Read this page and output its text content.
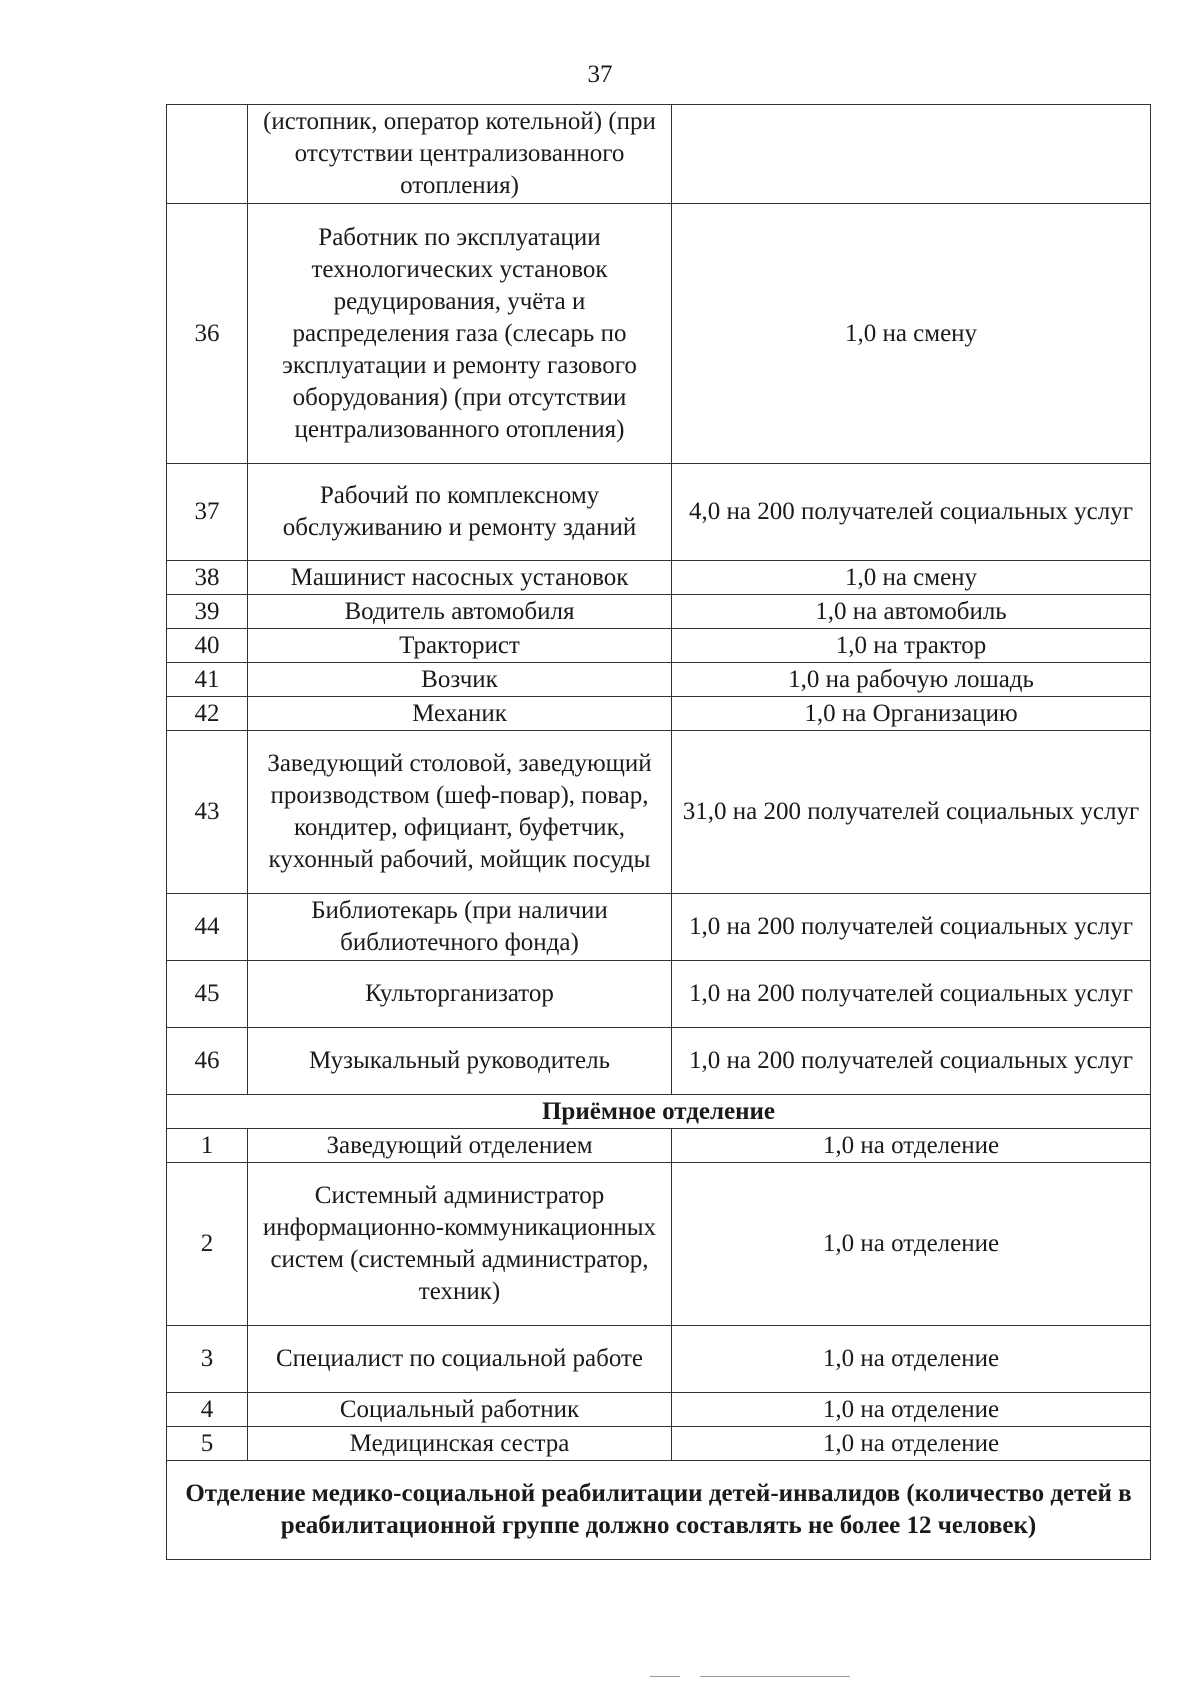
37
	(истопник, оператор котельной) (при отсутствии централизованного отопления)	
36	Работник по эксплуатации технологических установок редуцирования, учёта и распределения газа (слесарь по эксплуатации и ремонту газового оборудования) (при отсутствии централизованного отопления)	1,0 на смену
37	Рабочий по комплексному обслуживанию и ремонту зданий	4,0 на 200 получателей социальных услуг
38	Машинист насосных установок	1,0 на смену
39	Водитель автомобиля	1,0 на автомобиль
40	Тракторист	1,0 на трактор
41	Возчик	1,0 на рабочую лошадь
42	Механик	1,0 на Организацию
43	Заведующий столовой, заведующий производством (шеф-повар), повар, кондитер, официант, буфетчик, кухонный рабочий, мойщик посуды	31,0 на 200 получателей социальных услуг
44	Библиотекарь (при наличии библиотечного фонда)	1,0 на 200 получателей социальных услуг
45	Культорганизатор	1,0 на 200 получателей социальных услуг
46	Музыкальный руководитель	1,0 на 200 получателей социальных услуг
Приёмное отделение		
1	Заведующий отделением	1,0 на отделение
2	Системный администратор информационно-коммуникационных систем (системный администратор, техник)	1,0 на отделение
3	Специалист по социальной работе	1,0 на отделение
4	Социальный работник	1,0 на отделение
5	Медицинская сестра	1,0 на отделение
Отделение медико-социальной реабилитации детей-инвалидов (количество детей в реабилитационной группе должно составлять не более 12 человек)		
